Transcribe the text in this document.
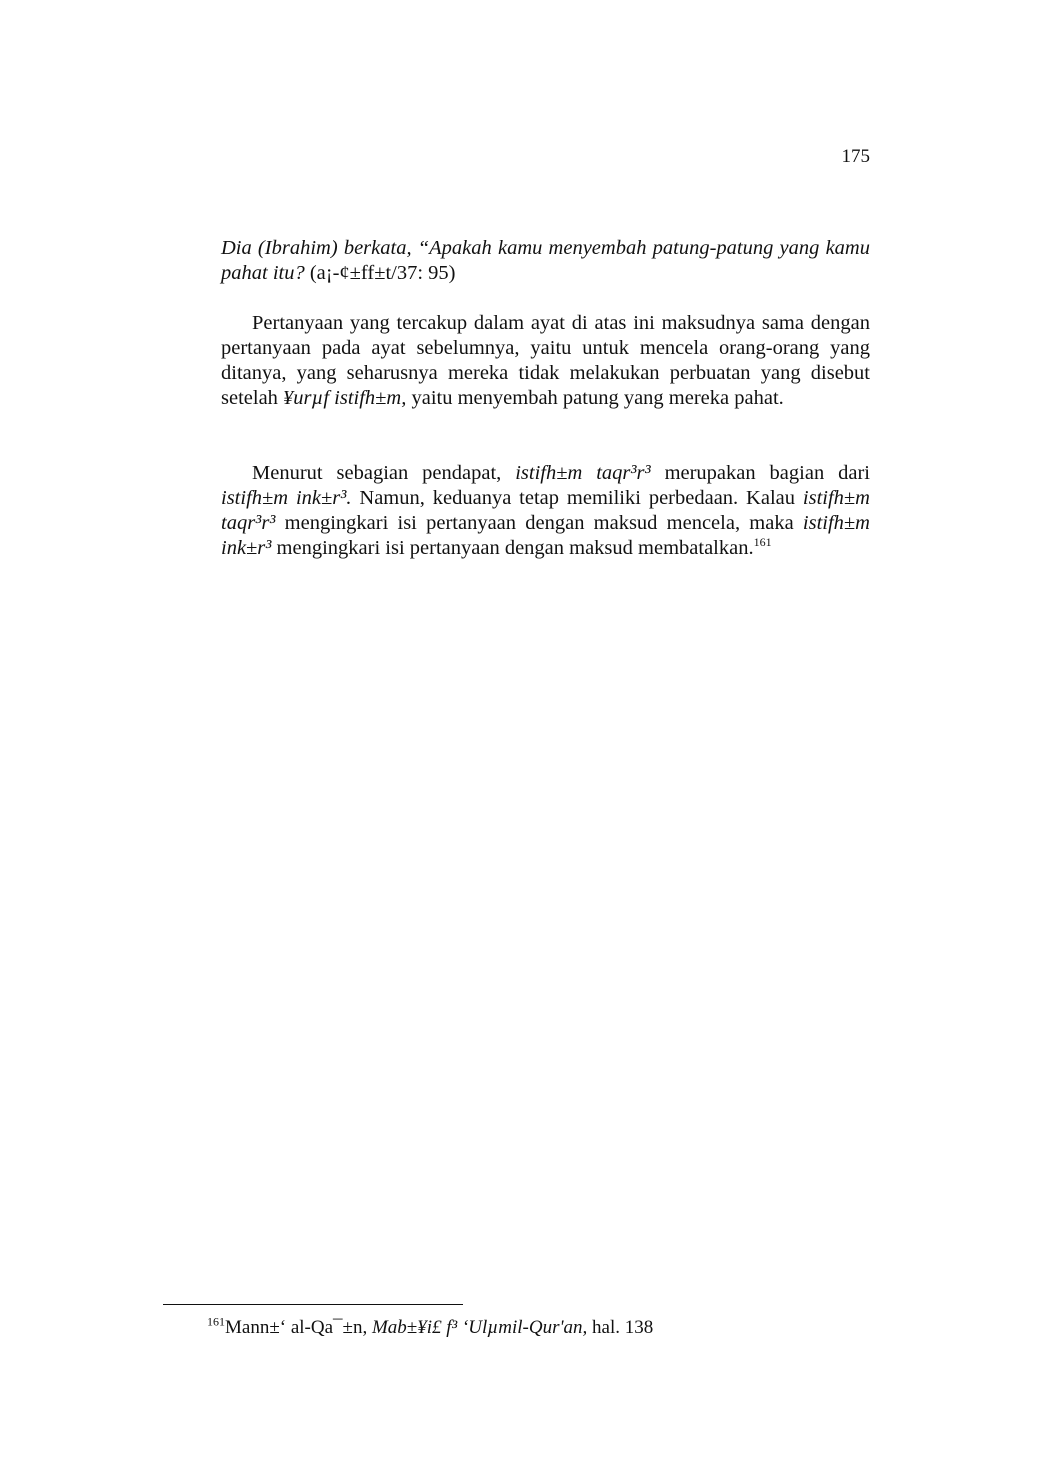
175

Dia (Ibrahim) berkata, “Apakah kamu menyembah patung-patung yang kamu pahat itu? (a¡-¢±ff±t/37: 95)

Pertanyaan yang tercakup dalam ayat di atas ini maksudnya sama dengan pertanyaan pada ayat sebelumnya, yaitu untuk mencela orang-orang yang ditanya, yang seharusnya mereka tidak melakukan perbuatan yang disebut setelah ¥urµf istifh±m, yaitu menyembah patung yang mereka pahat.

Menurut sebagian pendapat, istifh±m taqr³r³ merupakan bagian dari istifh±m ink±r³. Namun, keduanya tetap memiliki perbedaan. Kalau istifh±m taqr³r³ mengingkari isi pertanyaan dengan maksud mencela, maka istifh±m ink±r³ mengingkari isi pertanyaan dengan maksud membatalkan.$^{161}$

$^{161}$Mann±‘ al-Qa¯±n, Mab±¥i£ f³ ‘Ulµmil-Qur'an, hal. 138
